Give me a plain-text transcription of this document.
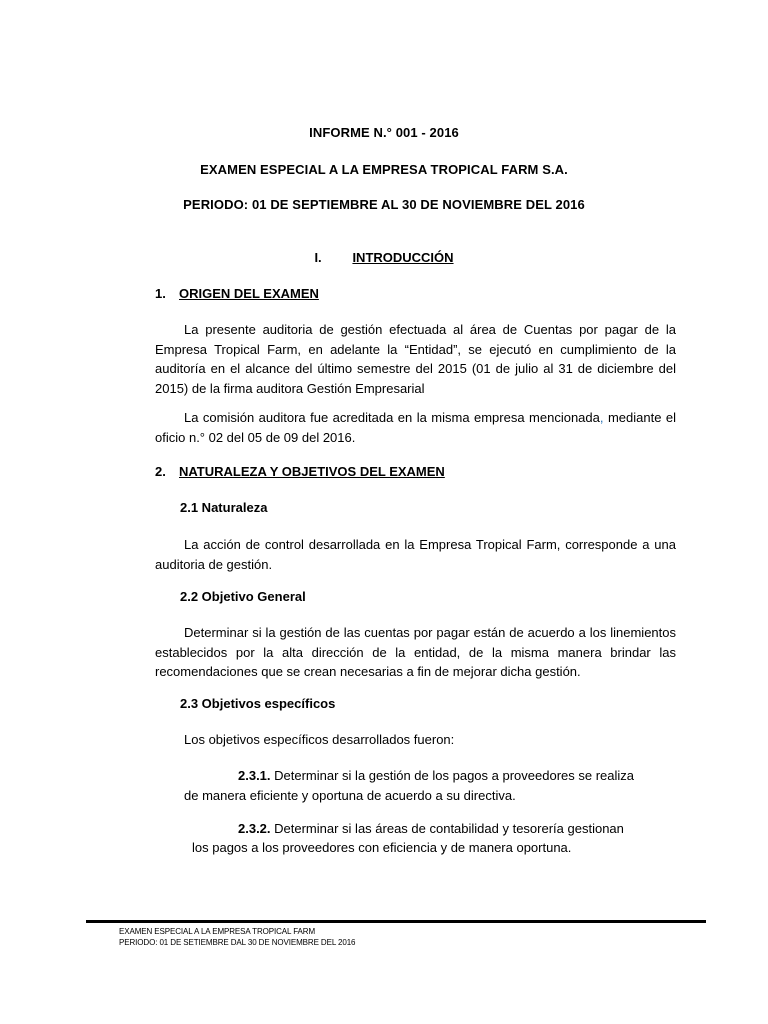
INFORME N.° 001 - 2016
EXAMEN ESPECIAL A LA EMPRESA TROPICAL FARM S.A.
PERIODO: 01 DE SEPTIEMBRE AL 30 DE NOVIEMBRE DEL 2016
I. INTRODUCCIÓN
1. ORIGEN DEL EXAMEN
La presente auditoria de gestión efectuada al área de Cuentas por pagar de la Empresa Tropical Farm, en adelante la “Entidad”, se ejecutó en cumplimiento de la auditoría en el alcance del último semestre del 2015 (01 de julio al 31 de diciembre del 2015) de la firma auditora Gestión Empresarial
La comisión auditora fue acreditada en la misma empresa mencionada, mediante el oficio n.° 02 del 05 de 09 del 2016.
2. NATURALEZA Y OBJETIVOS DEL EXAMEN
2.1 Naturaleza
La acción de control desarrollada en la Empresa Tropical Farm, corresponde a una auditoria de gestión.
2.2 Objetivo General
Determinar si la gestión de las cuentas por pagar están de acuerdo a los linemientos establecidos por la alta dirección de la entidad, de la misma manera brindar las recomendaciones que se crean necesarias a fin de mejorar dicha gestión.
2.3 Objetivos específicos
Los objetivos específicos desarrollados fueron:
2.3.1. Determinar si la gestión de los pagos a proveedores se realiza
de manera eficiente y oportuna de acuerdo a su directiva.
2.3.2. Determinar si las áreas de contabilidad y tesorería gestionan
los pagos a los proveedores con eficiencia y de manera oportuna.
EXAMEN ESPECIAL A LA EMPRESA TROPICAL FARM
PERIODO: 01 DE SETIEMBRE DAL 30 DE NOVIEMBRE DEL 2016
